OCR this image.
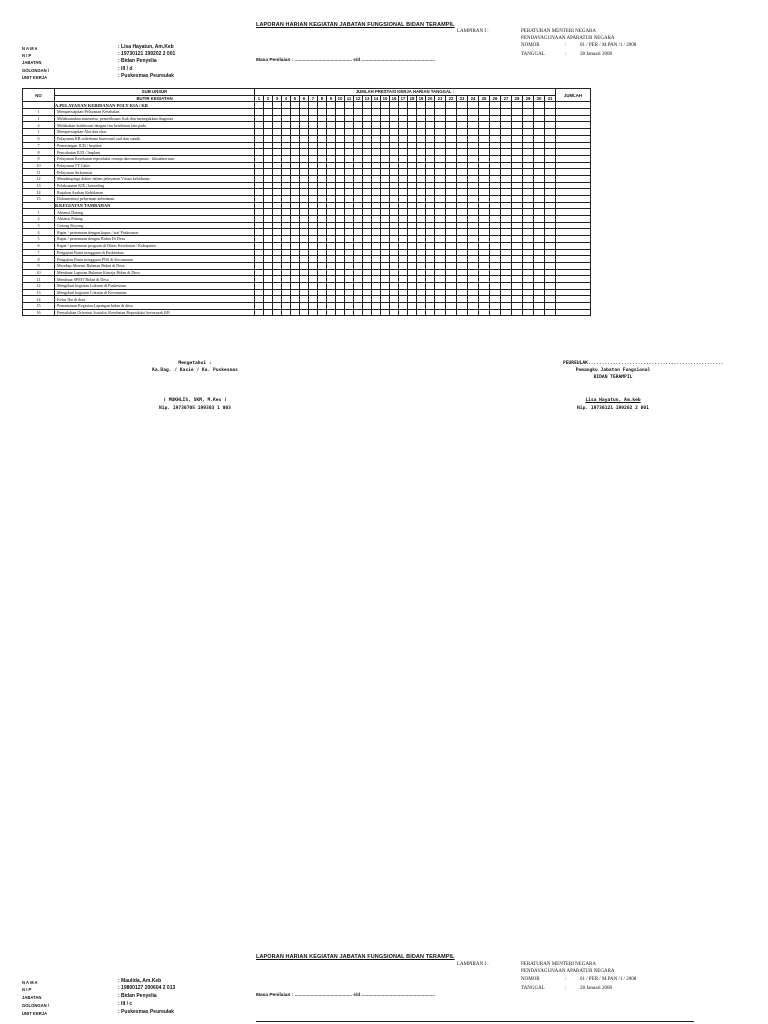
LAPORAN HARIAN KEGIATAN JABATAN FUNGSIONAL BIDAN TERAMPIL
LAMPIRAN I :	PERATURAN MENTERI NEGARA
PENDAYAGUNAAN APARATUR NEGARA
NOMOR	:	01 / PER / M.PAN /1 / 2008
TANGGAL	:	28 Januari 2008
N A M A	: Lisa Hayatun, Am.Keb
N I P	: 19730121 199202 2 001
JABATAN	: Bidan Penyelia
GOLONGAN /	: III / d
UNIT KERJA	: Puskesmas Peureulak
Masa Penilaian : ........................................... s/d .......................................................
NO	SUB UNSUR	JUMLAH PRESTASI KERJA HARIAN TANGGAL :																															JUMLAH
	BUTIR KEGIATAN	1	2	3	4	5	6	7	8	9	10	11	12	13	14	15	16	17	18	19	20	21	22	23	24	25	26	27	28	29	30	31	
	A.PELAYANAN KEBIDANAN POLY KIA / KB																																
1	Mempersiapkan Pelayanan Kesehatan																																
1	Melaksanakan anamnesa, pemeriksaan fisik dan menegakkan diagnosa																																
4	Melakukan kolaborasi dengan tim kesehatan lain pada																																
1	Mempersiapkan Alat dan obat																																
6	Pelayanan KB sederhana hormonal oral dan suntik																																
7	Pemasangan IUD / Implant																																
8	Pencabutan IUD / Implant																																
9	Pelayanan Kesehatan reproduksi remaja dan menopause , klimakterium																																
10	Pelayanan TT Catin																																
11	Pelayanan Sirkumsisi																																
12	Mendampingi dokter dalam pelayanan Visum kebidanan																																
13	Pelaksanaan KIE / konseling																																
14	Rujukan Asuhan Kebidanan																																
15	Dokumentasi pelayanan kebidanan																																
	B.KEGIATAN TAMBAHAN																																
1	Absensi Datang																																
2	Absensi Pulang																																
3	Gotong Royong																																
4	Rapat / pertemuan dengan kapus / staf Puskesmas																																
5	Rapat / pertemuan dengan Bidan Di Desa																																
6	Rapat / pertemuan program di Dinas Kesehatan / Kabupaten																																
7	Pengajian Rutin mingguan di Puskesmas																																
8	Pengajian Rutin mingguan PNS di Kecamatan																																
9	Merekap Absensi Bulanan Bidan di Desa																																
10	Membuat Laporan Bulanan Kinerja Bidan di Desa																																
11	Membuat SPMT Bidan di Desa																																
12	Mengikuti kegiatan Lokmin di Puskesmas																																
13	Mengikuti kegiatan Lokmin di Kecamatan																																
14	Kelas Ibu di desa																																
15	Pemantauan Kegiatan Lapangan bidan di desa																																
16	Penyuluhan Orientasi Sosialisi Kesehatan Reproduksi kerterasak KB																																
Mengetahui :
Ka.Bag. / Kasie / Ka. Puskesmas
( MUKHLIS, SKM, M.Kes )
Nip. 19730705 199303 1 003
PEUREULAK.................................................
Pemangku Jabatan Fungsional
BIDAN TERAMPIL
Lisa Hayatun, Am.keb
Nip. 19730121 199202 2 001
LAPORAN HARIAN KEGIATAN JABATAN FUNGSIONAL BIDAN TERAMPIL
LAMPIRAN I :	PERATURAN MENTERI NEGARA
PENDAYAGUNAAN APARATUR NEGARA
NOMOR	:	01 / PER / M.PAN /1 / 2008
TANGGAL	:	28 Januari 2008
N A M A	: Maulida, Am.Keb
N I P	: 19800127 200604 2 013
JABATAN	: Bidan Penyelia
GOLONGAN /	: III / c
UNIT KERJA	: Puskesmas Peureulak
Masa Penilaian : ........................................... s/d .......................................................
